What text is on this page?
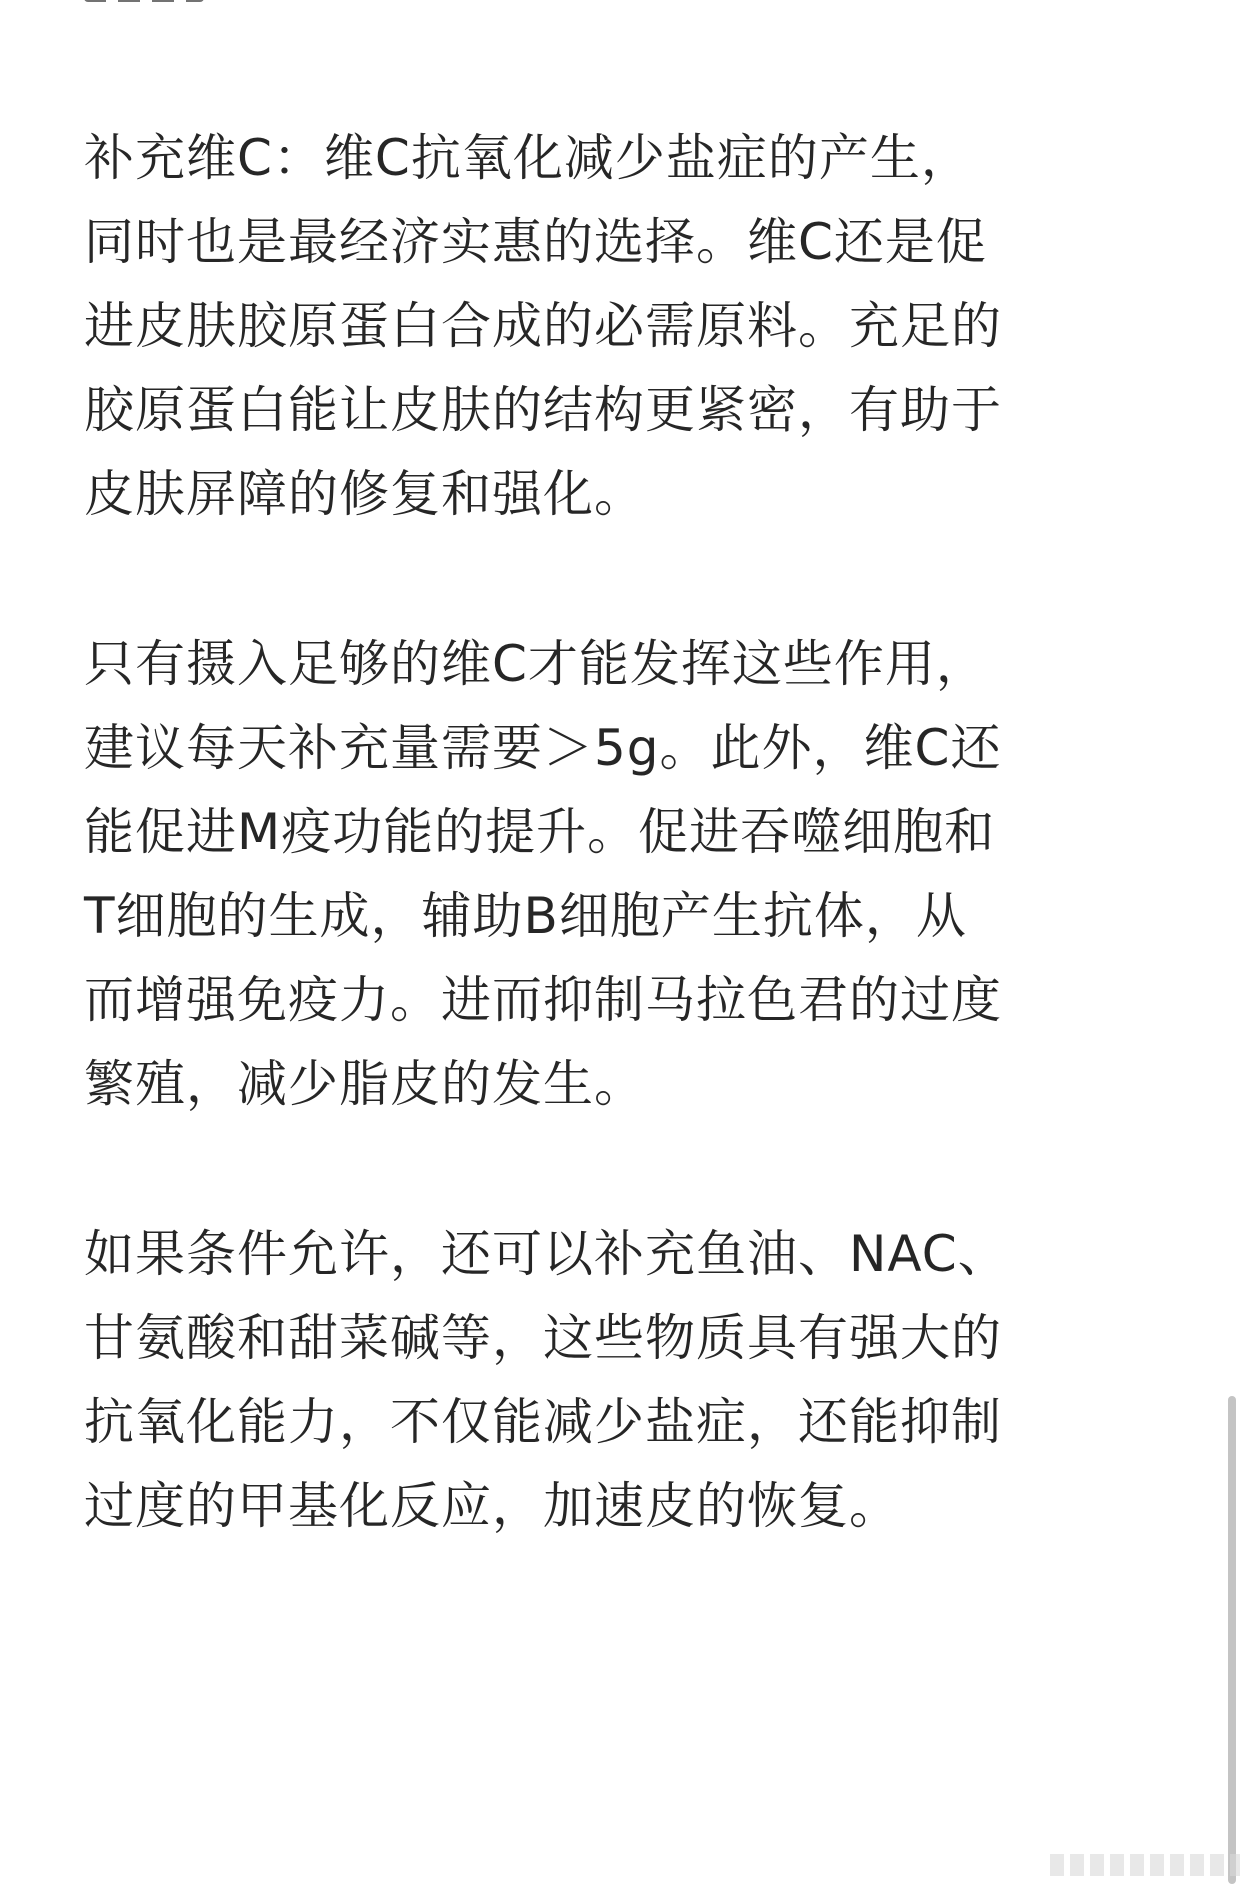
补充维C：维C抗氧化减少盐症的产生，
同时也是最经济实惠的选择。维C还是促
进皮肤胶原蛋白合成的必需原料。充足的
胶原蛋白能让皮肤的结构更紧密，有助于
皮肤屏障的修复和强化。

只有摄入足够的维C才能发挥这些作用，
建议每天补充量需要＞5g。此外，维C还
能促进M疫功能的提升。促进吞噬细胞和
T细胞的生成，辅助B细胞产生抗体，从
而增强免疫力。进而抑制马拉色君的过度
繁殖，减少脂皮的发生。

如果条件允许，还可以补充鱼油、NAC、
甘氨酸和甜菜碱等，这些物质具有强大的
抗氧化能力，不仅能减少盐症，还能抑制
过度的甲基化反应，加速皮的恢复。
